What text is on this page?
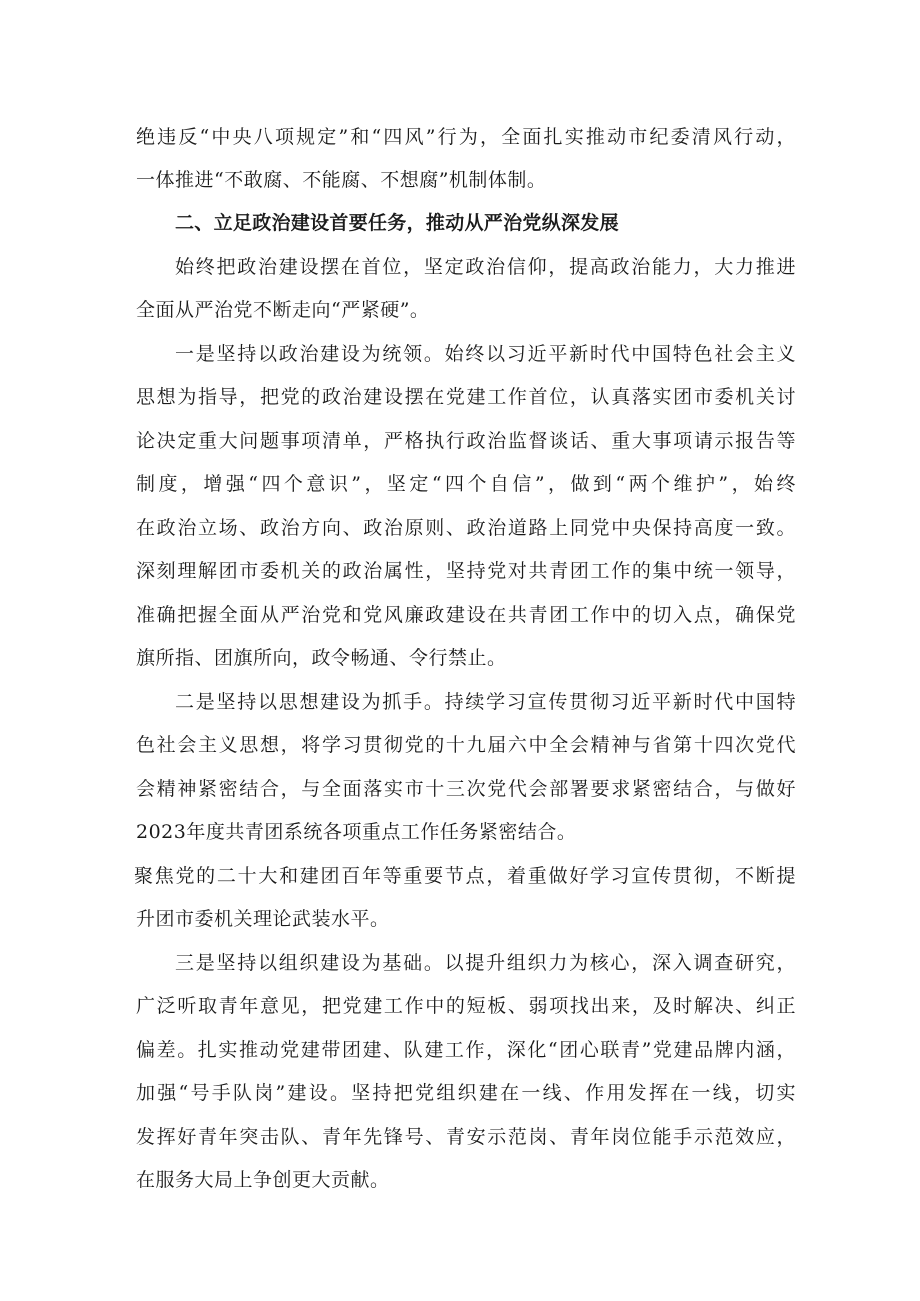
绝违反“中央八项规定”和“四风”行为，全面扎实推动市纪委清风行动，
一体推进“不敢腐、不能腐、不想腐”机制体制。
二、立足政治建设首要任务，推动从严治党纵深发展
始终把政治建设摆在首位，坚定政治信仰，提高政治能力，大力推进
全面从严治党不断走向“严紧硬”。
一是坚持以政治建设为统领。始终以习近平新时代中国特色社会主义
思想为指导，把党的政治建设摆在党建工作首位，认真落实团市委机关讨
论决定重大问题事项清单，严格执行政治监督谈话、重大事项请示报告等
制度，增强“四个意识”，坚定“四个自信”，做到“两个维护”，始终
在政治立场、政治方向、政治原则、政治道路上同党中央保持高度一致。
深刻理解团市委机关的政治属性，坚持党对共青团工作的集中统一领导，
准确把握全面从严治党和党风廉政建设在共青团工作中的切入点，确保党
旗所指、团旗所向，政令畅通、令行禁止。
二是坚持以思想建设为抓手。持续学习宣传贯彻习近平新时代中国特
色社会主义思想，将学习贯彻党的十九届六中全会精神与省第十四次党代
会精神紧密结合，与全面落实市十三次党代会部署要求紧密结合，与做好
2023年度共青团系统各项重点工作任务紧密结合。
聚焦党的二十大和建团百年等重要节点，着重做好学习宣传贯彻，不断提
升团市委机关理论武装水平。
三是坚持以组织建设为基础。以提升组织力为核心，深入调查研究，
广泛听取青年意见，把党建工作中的短板、弱项找出来，及时解决、纠正
偏差。扎实推动党建带团建、队建工作，深化“团心联青”党建品牌内涵，
加强“号手队岗”建设。坚持把党组织建在一线、作用发挥在一线，切实
发挥好青年突击队、青年先锋号、青安示范岗、青年岗位能手示范效应，
在服务大局上争创更大贡献。
